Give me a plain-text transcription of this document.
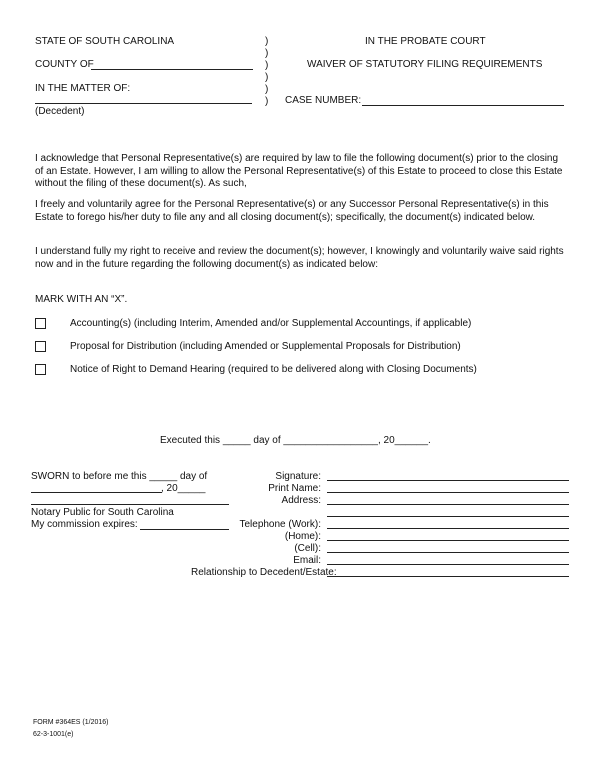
STATE OF SOUTH CAROLINA
COUNTY OF
IN THE MATTER OF:
(Decedent)
)
)
)
)
)
)
IN THE PROBATE COURT
WAIVER OF STATUTORY FILING REQUIREMENTS
CASE NUMBER:
I acknowledge that Personal Representative(s) are required by law to file the following document(s) prior to the closing of an Estate. However, I am willing to allow the Personal Representative(s) of this Estate to proceed to close this Estate without the filing of these document(s). As such,
I freely and voluntarily agree for the Personal Representative(s) or any Successor Personal Representative(s) in this Estate to forego his/her duty to file any and all closing document(s); specifically, the document(s) indicated below.
I understand fully my right to receive and review the document(s); however, I knowingly and voluntarily waive said rights now and in the future regarding the following document(s) as indicated below:
MARK WITH AN “X”.
Accounting(s) (including Interim, Amended and/or Supplemental Accountings, if applicable)
Proposal for Distribution (including Amended or Supplemental Proposals for Distribution)
Notice of Right to Demand Hearing (required to be delivered along with Closing Documents)
Executed this _____ day of _________________, 20______.
SWORN to before me this _____ day of
, 20_____
Notary Public for South Carolina
My commission expires:
Signature:
Print Name:
Address:
Telephone (Work):
(Home):
(Cell):
Email:
Relationship to Decedent/Estate:
FORM #364ES (1/2016)
62-3-1001(e)
